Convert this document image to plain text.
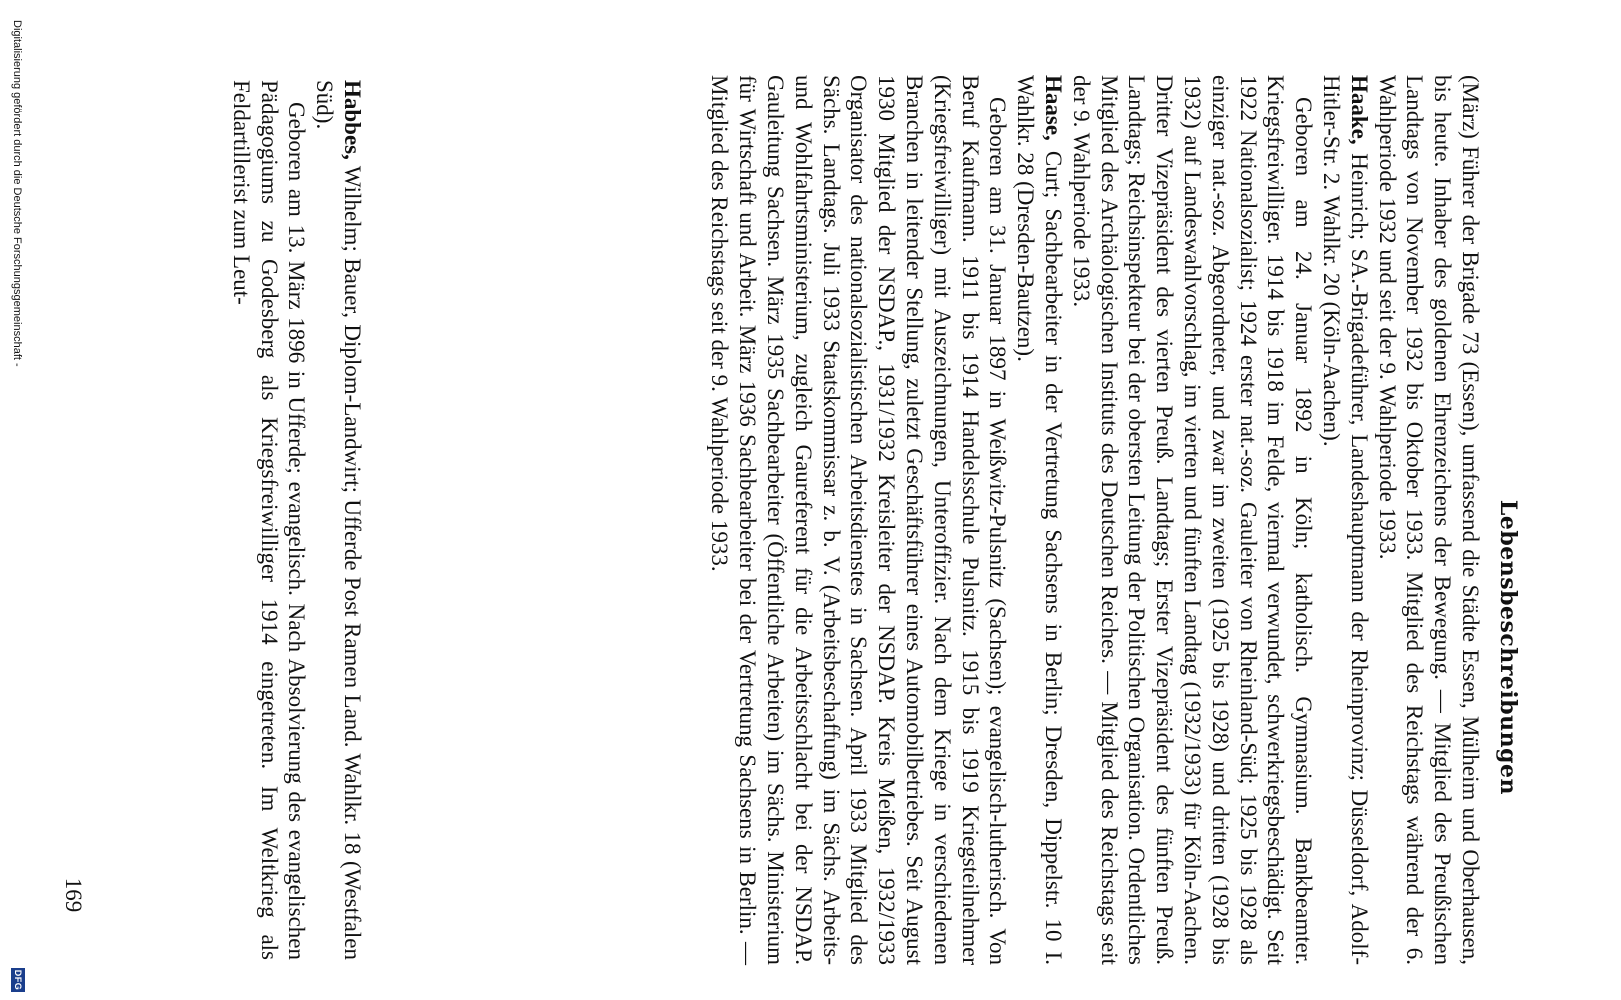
Lebensbeschreibungen

(März) Führer der Brigade 73 (Essen), umfassend die Städte Essen, Mülheim und Oberhausen, bis heute. Inhaber des goldenen Ehrenzeichens der Bewegung. — Mitglied des Preußischen Landtags von November 1932 bis Oktober 1933. Mitglied des Reichstags während der 6. Wahlperiode 1932 und seit der 9. Wahlperiode 1933.

Haake, Heinrich; SA.-Brigadeführer, Landeshauptmann der Rheinprovinz; Düsseldorf, Adolf-Hitler-Str. 2. Wahlkr. 20 (Köln-Aachen).

Geboren am 24. Januar 1892 in Köln; katholisch. Gymnasium. Bankbeamter. Kriegsfreiwilliger. 1914 bis 1918 im Felde, viermal verwundet, schwerkriegsbeschädigt. Seit 1922 Nationalsozialist; 1924 erster nat.-soz. Gauleiter von Rheinland-Süd; 1925 bis 1928 als einziger nat.-soz. Abgeordneter, und zwar im zweiten (1925 bis 1928) und dritten (1928 bis 1932) auf Landeswahlvorschlag, im vierten und fünften Landtag (1932/1933) für Köln-Aachen. Dritter Vizepräsident des vierten Preuß. Landtags; Erster Vizepräsident des fünften Preuß. Landtags; Reichsinspekteur bei der obersten Leitung der Politischen Organisation. Ordentliches Mitglied des Archäologischen Instituts des Deutschen Reiches. — Mitglied des Reichstags seit der 9. Wahlperiode 1933.

Haase, Curt; Sachbearbeiter in der Vertretung Sachsens in Berlin; Dresden, Dippelstr. 10 I. Wahlkr. 28 (Dresden-Bautzen).

Geboren am 31. Januar 1897 in Weißwitz-Pulsnitz (Sachsen); evangelisch-lutherisch. Von Beruf Kaufmann. 1911 bis 1914 Handelsschule Pulsnitz. 1915 bis 1919 Kriegsteilnehmer (Kriegsfreiwilliger) mit Auszeichnungen, Unteroffizier. Nach dem Kriege in verschiedenen Branchen in leitender Stellung, zuletzt Geschäftsführer eines Automobilbetriebes. Seit August 1930 Mitglied der NSDAP., 1931/1932 Kreisleiter der NSDAP. Kreis Meißen, 1932/1933 Organisator des nationalsozialistischen Arbeitsdienstes in Sachsen. April 1933 Mitglied des Sächs. Landtags. Juli 1933 Staatskommissar z. b. V. (Arbeitsbeschaffung) im Sächs. Arbeits- und Wohlfahrtsministerium, zugleich Gaureferent für die Arbeitsschlacht bei der NSDAP. Gauleitung Sachsen. März 1935 Sachbearbeiter (Öffentliche Arbeiten) im Sächs. Ministerium für Wirtschaft und Arbeit. März 1936 Sachbearbeiter bei der Vertretung Sachsens in Berlin. — Mitglied des Reichstags seit der 9. Wahlperiode 1933.

Habbes, Wilhelm; Bauer, Diplom-Landwirt; Ufferde Post Ramen Land. Wahlkr. 18 (Westfalen Süd).

Geboren am 13. März 1896 in Ufferde; evangelisch. Nach Absolvierung des evangelischen Pädagogiums zu Godesberg als Kriegsfreiwilliger 1914 eingetreten. Im Weltkrieg als Feldartillerist zum Leut-

169
Digitalisierung gefördert durch die Deutsche Forschungsgemeinschaft -
DFG
